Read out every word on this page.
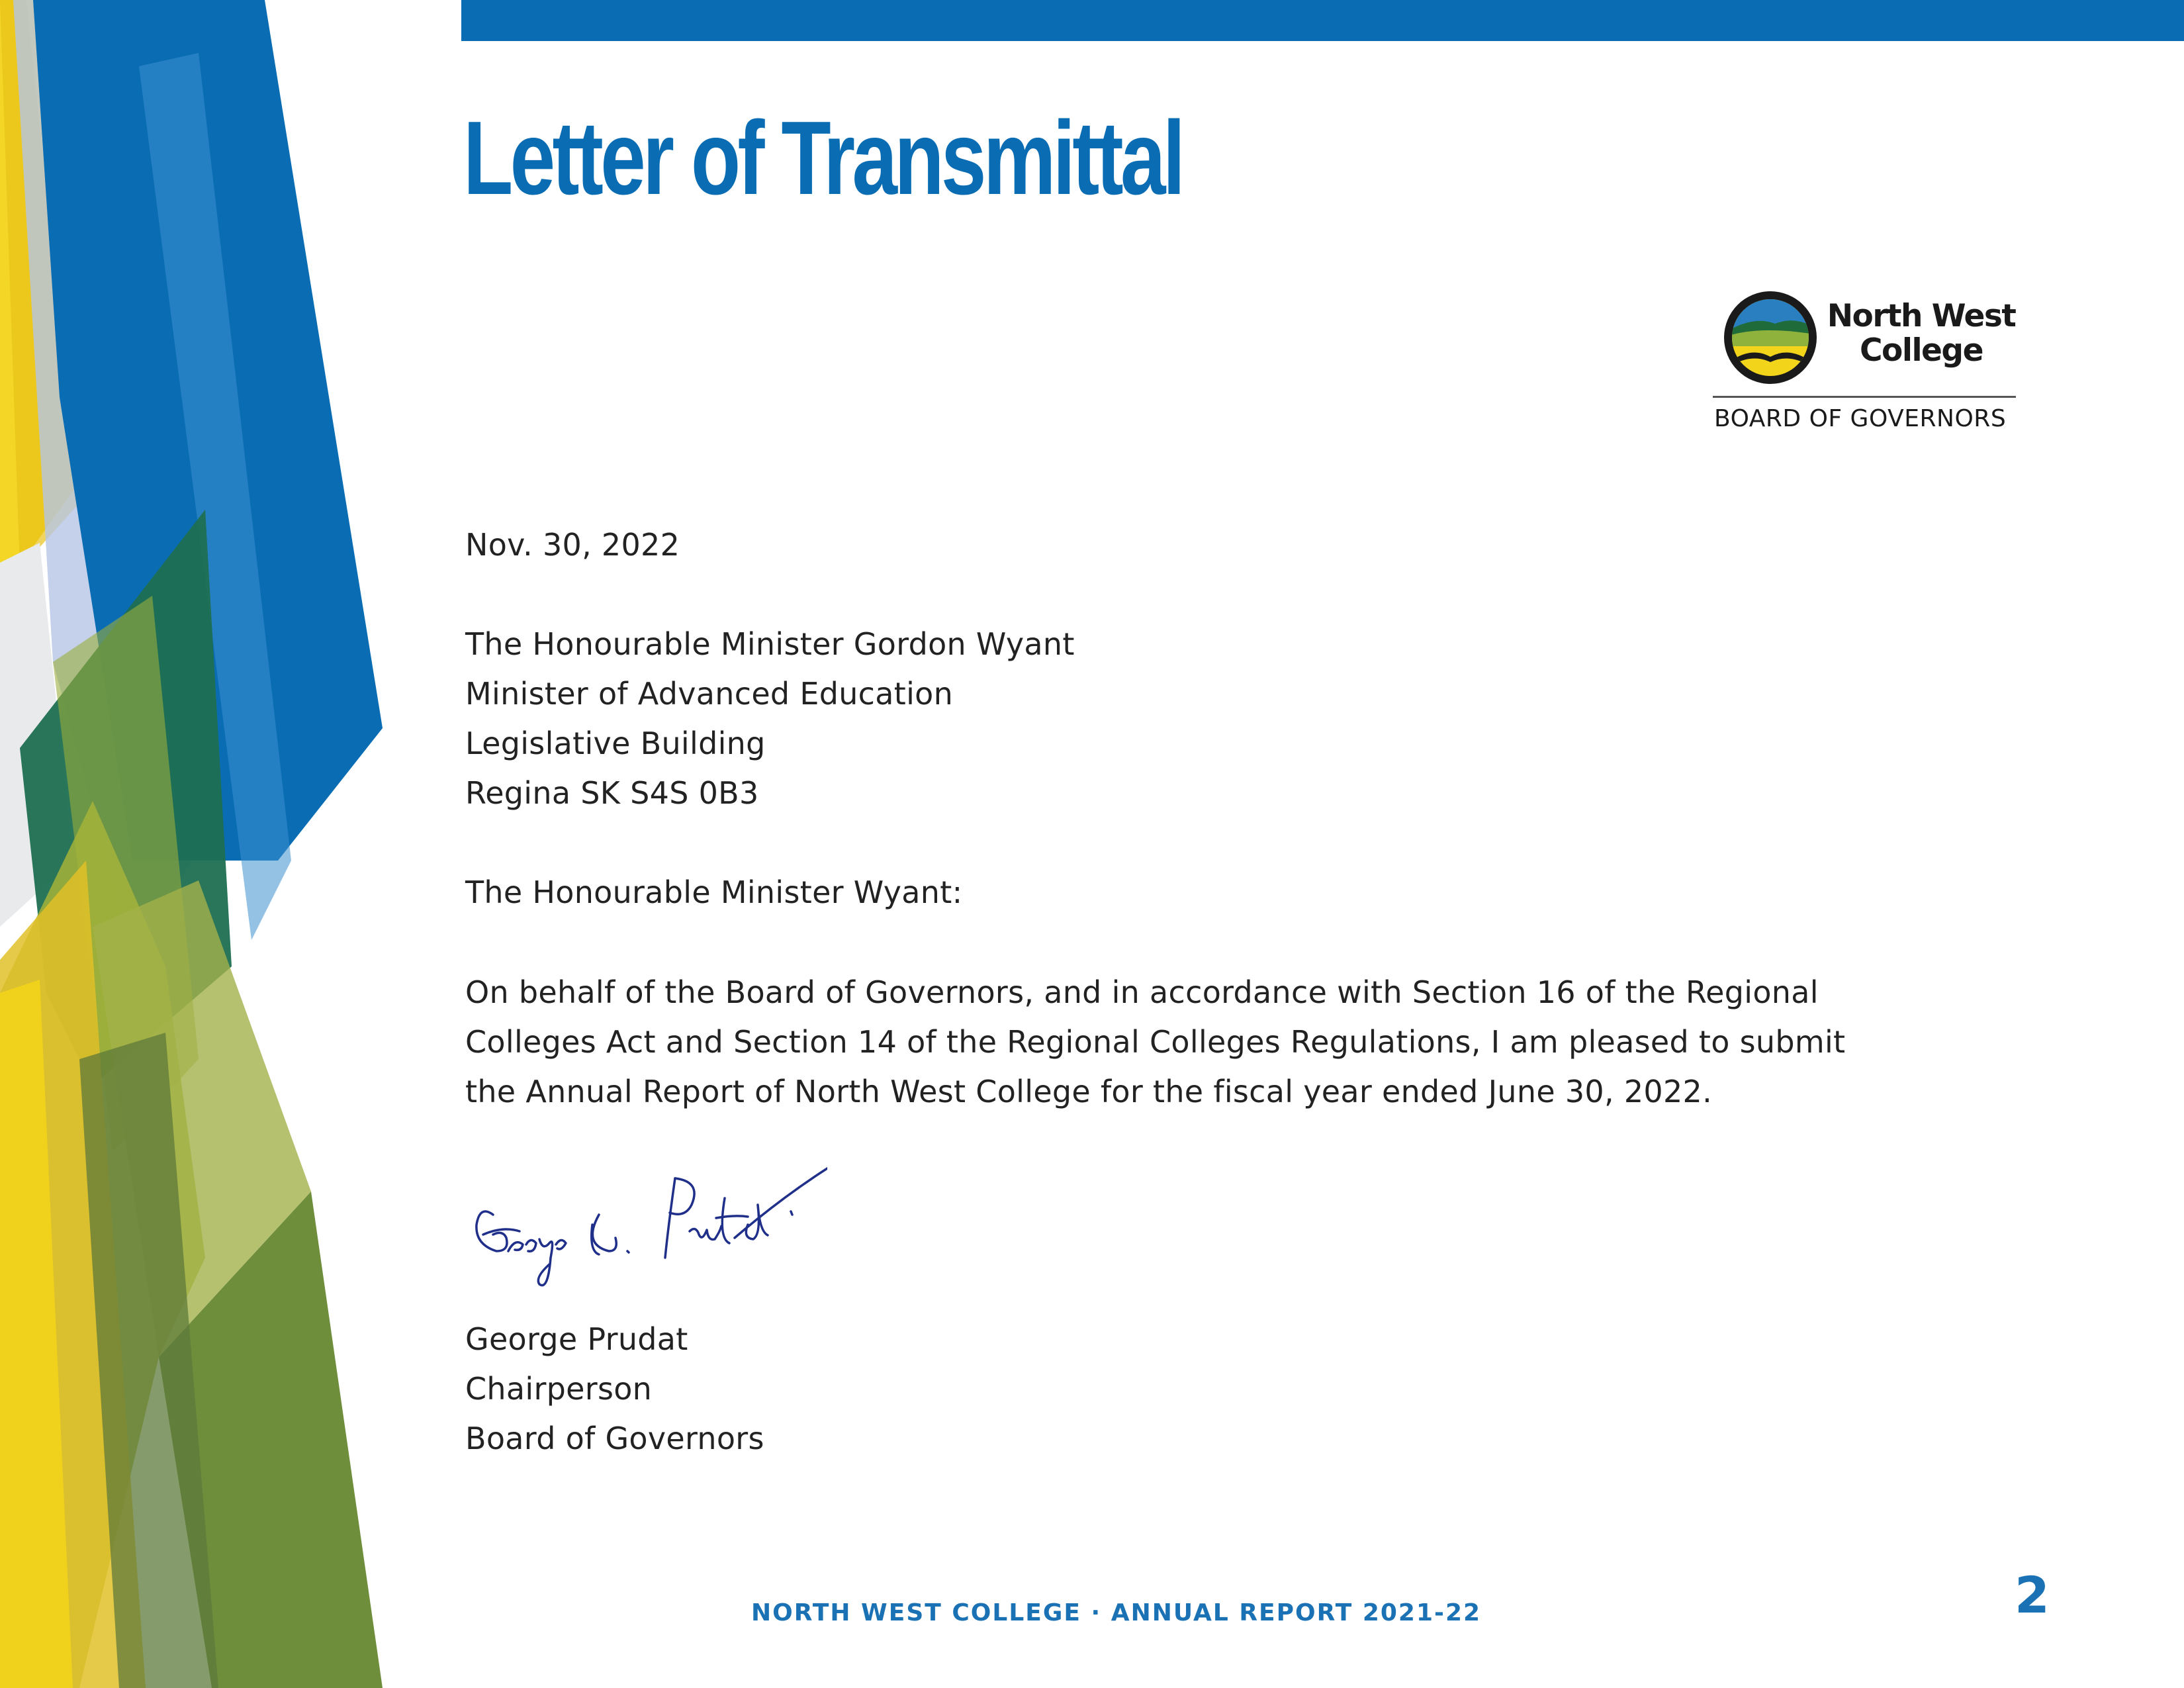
Letter of Transmittal
North West
College
BOARD OF GOVERNORS
Nov. 30, 2022
The Honourable Minister Gordon Wyant
Minister of Advanced Education
Legislative Building
Regina SK S4S 0B3
The Honourable Minister Wyant:
On behalf of the Board of Governors, and in accordance with Section 16 of the Regional
Colleges Act and Section 14 of the Regional Colleges Regulations, I am pleased to submit
the Annual Report of North West College for the fiscal year ended June 30, 2022.
George Prudat
Chairperson
Board of Governors
NORTH WEST COLLEGE · ANNUAL REPORT 2021-22	2
